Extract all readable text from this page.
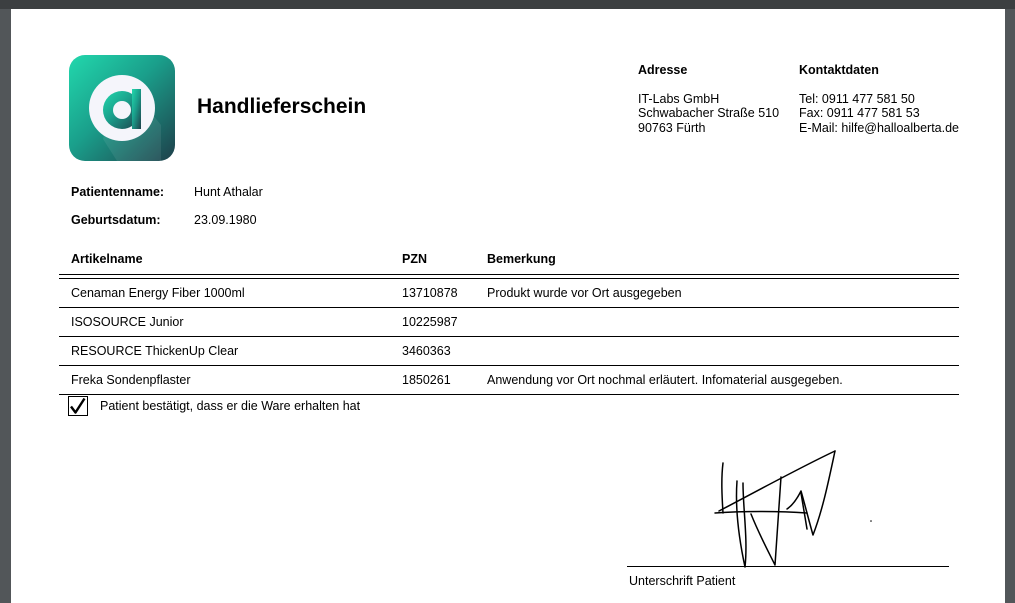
Handlieferschein
Adresse
IT-Labs GmbH
Schwabacher Straße 510
90763 Fürth
Kontaktdaten
Tel: 0911 477 581 50
Fax: 0911 477 581 53
E-Mail: hilfe@halloalberta.de
Patientenname: Hunt Athalar
Geburtsdatum:	23.09.1980
Artikelname	PZN	Bemerkung
Cenaman Energy Fiber 1000ml	13710878 Produkt wurde vor Ort ausgegeben
ISOSOURCE Junior	10225987
RESOURCE ThickenUp Clear	3460363
Freka Sondenpflaster	1850261	Anwendung vor Ort nochmal erläutert. Infomaterial ausgegeben.
Patient bestätigt, dass er die Ware erhalten hat
Unterschrift Patient
